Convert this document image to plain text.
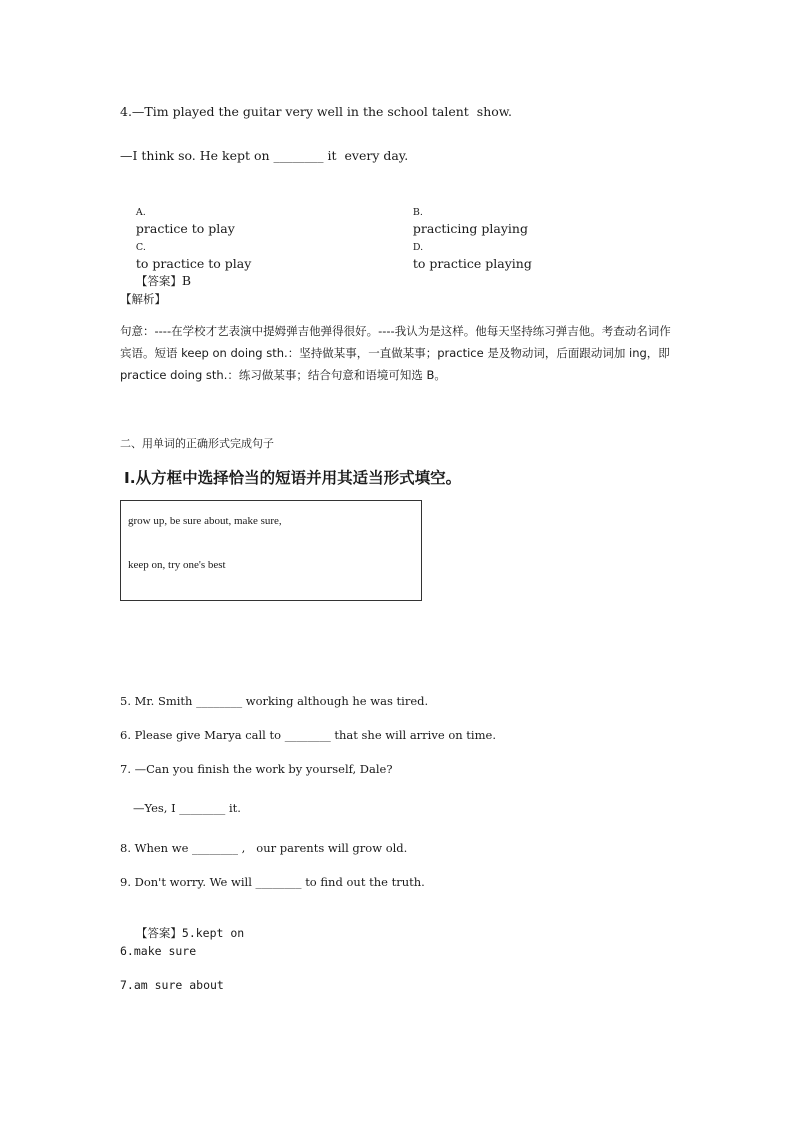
4.—Tim played the guitar very well in the school talent  show.
—I think so. He kept on ________ it  every day.

A.
practice to play

B.
practicing playing

C.
to practice to play

D.
to practice playing

【答案】B

【解析】
句意：----在学校才艺表演中提姆弹吉他弹得很好。----我认为是这样。他每天坚持练习弹吉他。考查动名词作宾语。短语 keep on doing sth.：坚持做某事，一直做某事；practice 是及物动词，后面跟动词加 ing，即 practice doing sth.：练习做某事；结合句意和语境可知选 B。
二、用单词的正确形式完成句子
Ⅰ.从方框中选择恰当的短语并用其适当形式填空。
grow up, be sure about, make sure,
keep on, try one's best
5. Mr. Smith ________ working although he was tired.
6. Please give Marya call to ________ that she will arrive on time.
7. —Can you finish the work by yourself, Dale?
—Yes, I ________ it.
8. When we ________ ,   our parents will grow old.
9. Don't worry. We will ________ to find out the truth.

【答案】5.kept on

6.make sure
7.am sure about
